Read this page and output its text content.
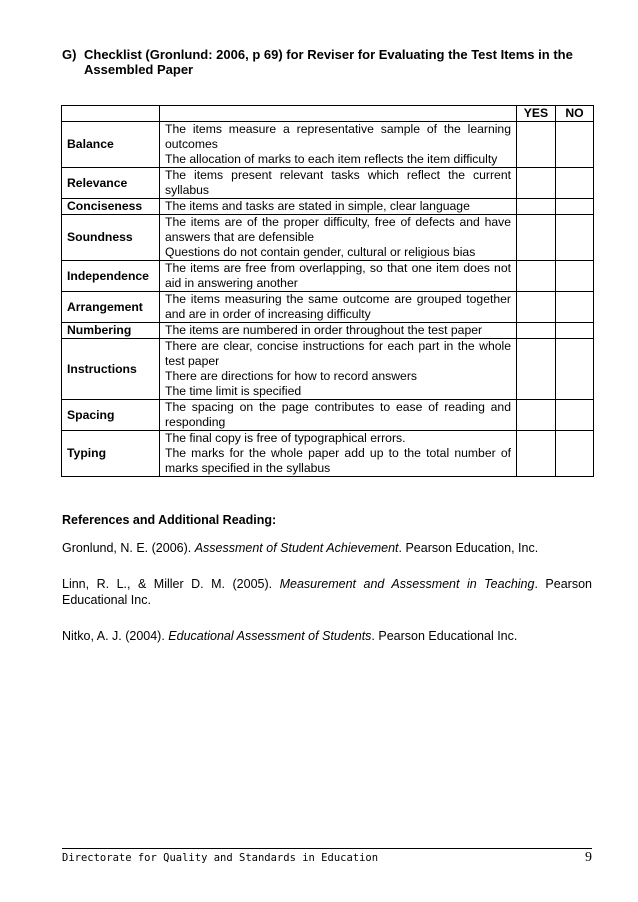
G) Checklist (Gronlund: 2006, p 69) for Reviser for Evaluating the Test Items in the Assembled Paper
		YES	NO
Balance	The items measure a representative sample of the learning outcomes
The allocation of marks to each item reflects the item difficulty		

Relevance	The items present relevant tasks which reflect the current syllabus		

Conciseness	The items and tasks are stated in simple, clear language		

Soundness	The items are of the proper difficulty, free of defects and have answers that are defensible
Questions do not contain gender, cultural or religious bias		

Independence	The items are free from overlapping, so that one item does not aid in answering another		

Arrangement	The items measuring the same outcome are grouped together and are in order of increasing difficulty		

Numbering	The items are numbered in order throughout the test paper		

Instructions	There are clear, concise instructions for each part in the whole test paper
There are directions for how to record answers
The time limit is specified		

Spacing	The spacing on the page contributes to ease of reading and responding		

Typing	The final copy is free of typographical errors.
The marks for the whole paper add up to the total number of marks specified in the syllabus		

References and Additional Reading:
Gronlund, N. E. (2006). Assessment of Student Achievement. Pearson Education, Inc.
Linn, R. L., & Miller D. M. (2005). Measurement and Assessment in Teaching. Pearson Educational Inc.
Nitko, A. J. (2004). Educational Assessment of Students. Pearson Educational Inc.
Directorate for Quality and Standards in Education	9
